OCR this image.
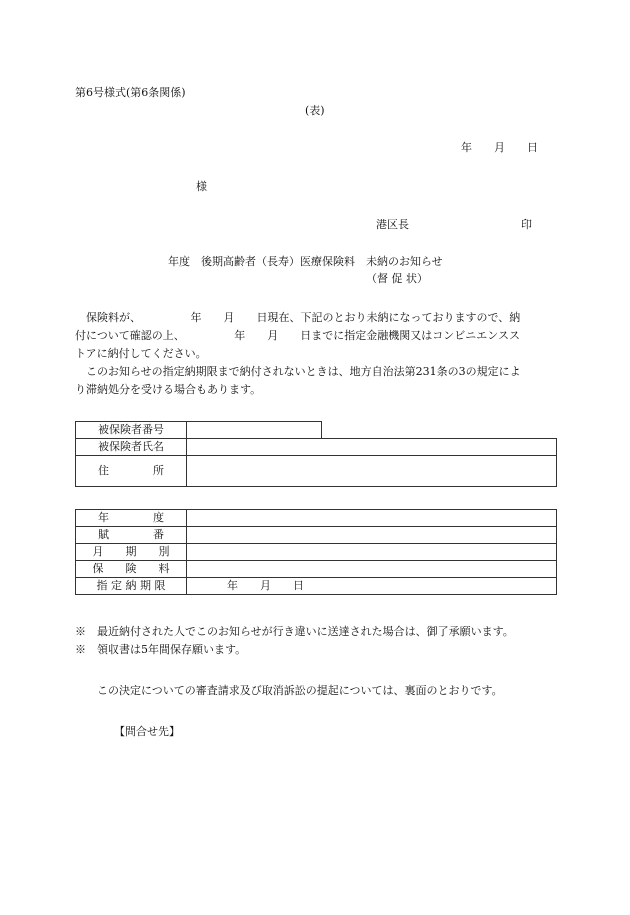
第6号様式(第6条関係)
(表)
年　　月　　日
様
港区長	印
年度　後期高齢者（長寿）医療保険料　未納のお知らせ
（督 促 状）
保険料が、　　　　　年　　月　　日現在、下記のとおり未納になっておりますので、納
付について確認の上、　　　　　年　　月　　日までに指定金融機関又はコンビニエンスス
トアに納付してください。
このお知らせの指定納期限まで納付されないときは、地方自治法第231条の3の規定によ
り滞納処分を受ける場合もあります。
被保険者番号		
被保険者氏名		
住　　　　所		
年　　　　度	
賦　　　　番	
月　　期　　別	
保　　険　　料	
指 定 納 期 限	年　　月　　日
※　最近納付された人でこのお知らせが行き違いに送達された場合は、御了承願います。
※　領収書は5年間保存願います。
この決定についての審査請求及び取消訴訟の提起については、裏面のとおりです。
【問合せ先】
